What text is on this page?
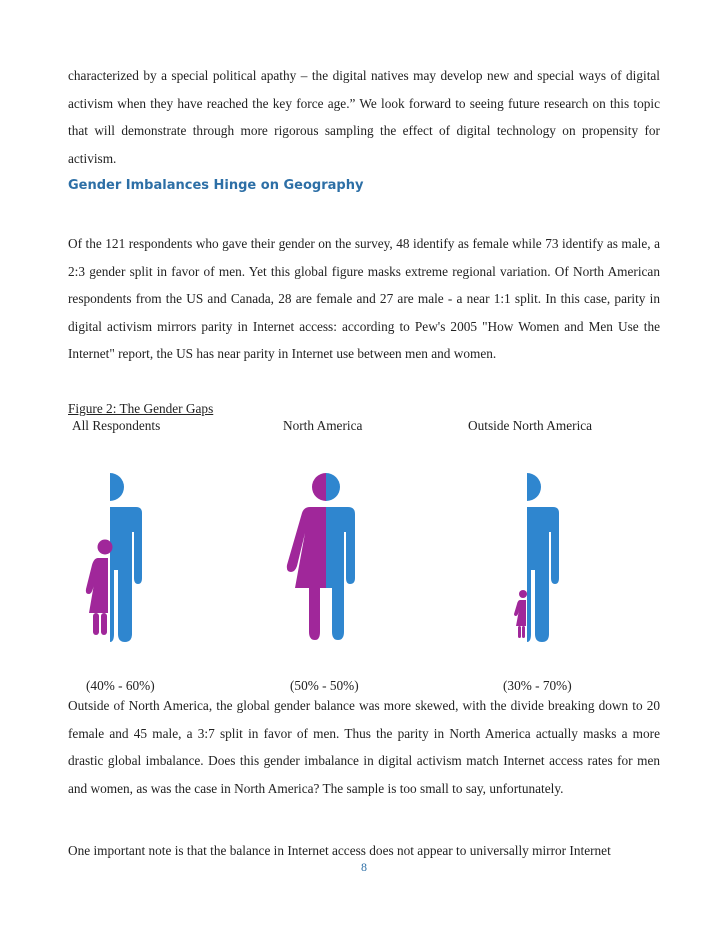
characterized by a special political apathy – the digital natives may develop new and special ways of digital activism when they have reached the key force age.” We look forward to seeing future research on this topic that will demonstrate through more rigorous sampling the effect of digital technology on propensity for activism.

Gender Imbalances Hinge on Geography

Of the 121 respondents who gave their gender on the survey, 48 identify as female while 73 identify as male, a 2:3 gender split in favor of men. Yet this global figure masks extreme regional variation. Of North American respondents from the US and Canada, 28 are female and 27 are male - a near 1:1 split. In this case, parity in digital activism mirrors parity in Internet access: according to Pew's 2005 "How Women and Men Use the Internet" report, the US has near parity in Internet use between men and women.

Figure 2: The Gender Gaps

All Respondents	North America	Outside North America

(40% - 60%)	(50% - 50%)	(30% - 70%)

Outside of North America, the global gender balance was more skewed, with the divide breaking down to 20 female and 45 male, a 3:7 split in favor of men. Thus the parity in North America actually masks a more drastic global imbalance. Does this gender imbalance in digital activism match Internet access rates for men and women, as was the case in North America? The sample is too small to say, unfortunately.

One important note is that the balance in Internet access does not appear to universally mirror Internet

8
